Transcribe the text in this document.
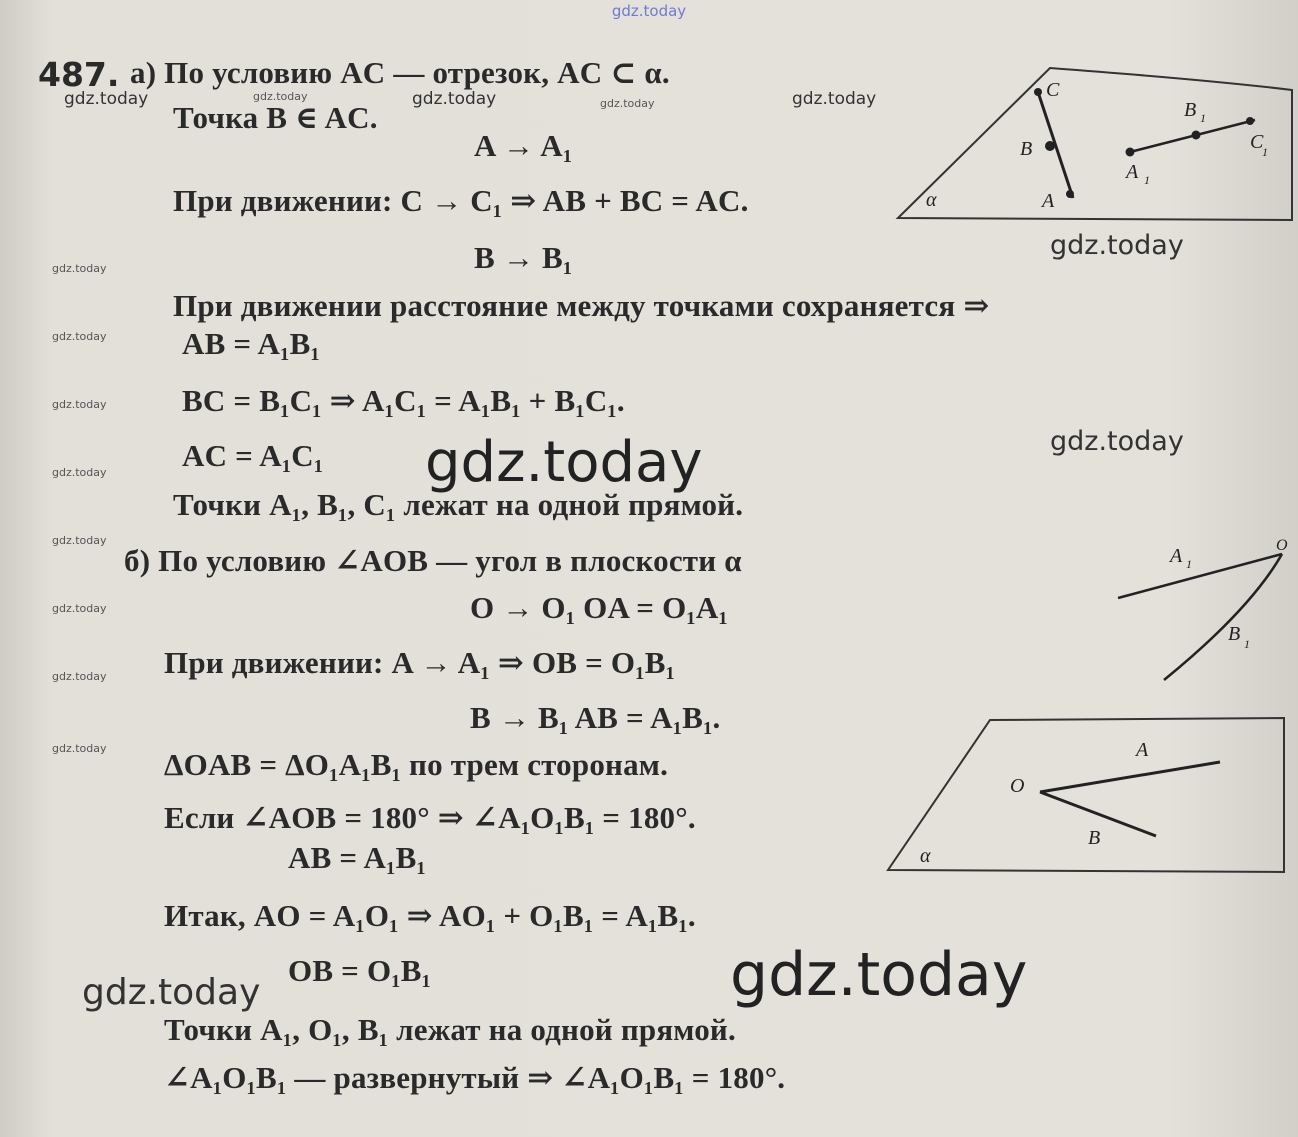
gdz.today
487. а) По условию AC — отрезок, AC ⊂ α.
Точка B ∈ AC.
A → A₁
При движении: C → C₁ ⇒ AB + BC = AC.
B → B₁
При движении расстояние между точками сохраняется ⇒
AB = A₁B₁
BC = B₁C₁ ⇒ A₁C₁ = A₁B₁ + B₁C₁.
AC = A₁C₁
Точки A₁, B₁, C₁ лежат на одной прямой.
б) По условию ∠AOB — угол в плоскости α
O → O₁ OA = O₁A₁
При движении: A → A₁ ⇒ OB = O₁B₁
B → B₁ AB = A₁B₁.
ΔOAB = ΔO₁A₁B₁ по трем сторонам.
Если ∠AOB = 180° ⇒ ∠A₁O₁B₁ = 180°.
AB = A₁B₁
Итак, AO = A₁O₁ ⇒ AO₁ + O₁B₁ = A₁B₁.
OB = O₁B₁
Точки A₁, O₁, B₁ лежат на одной прямой.
∠A₁O₁B₁ — развернутый ⇒ ∠A₁O₁B₁ = 180°.
gdz.today	gdz.today	gdz.today	gdz.today	gdz.today
gdz.today
gdz.today
gdz.today
gdz.today
gdz.today
gdz.today
gdz.today
gdz.today
gdz.today
gdz.today
gdz.today
gdz.today	gdz.today
C
B
A
α
A 1
B 1
C
1
A 1
O
B 1
O
A
B
α
